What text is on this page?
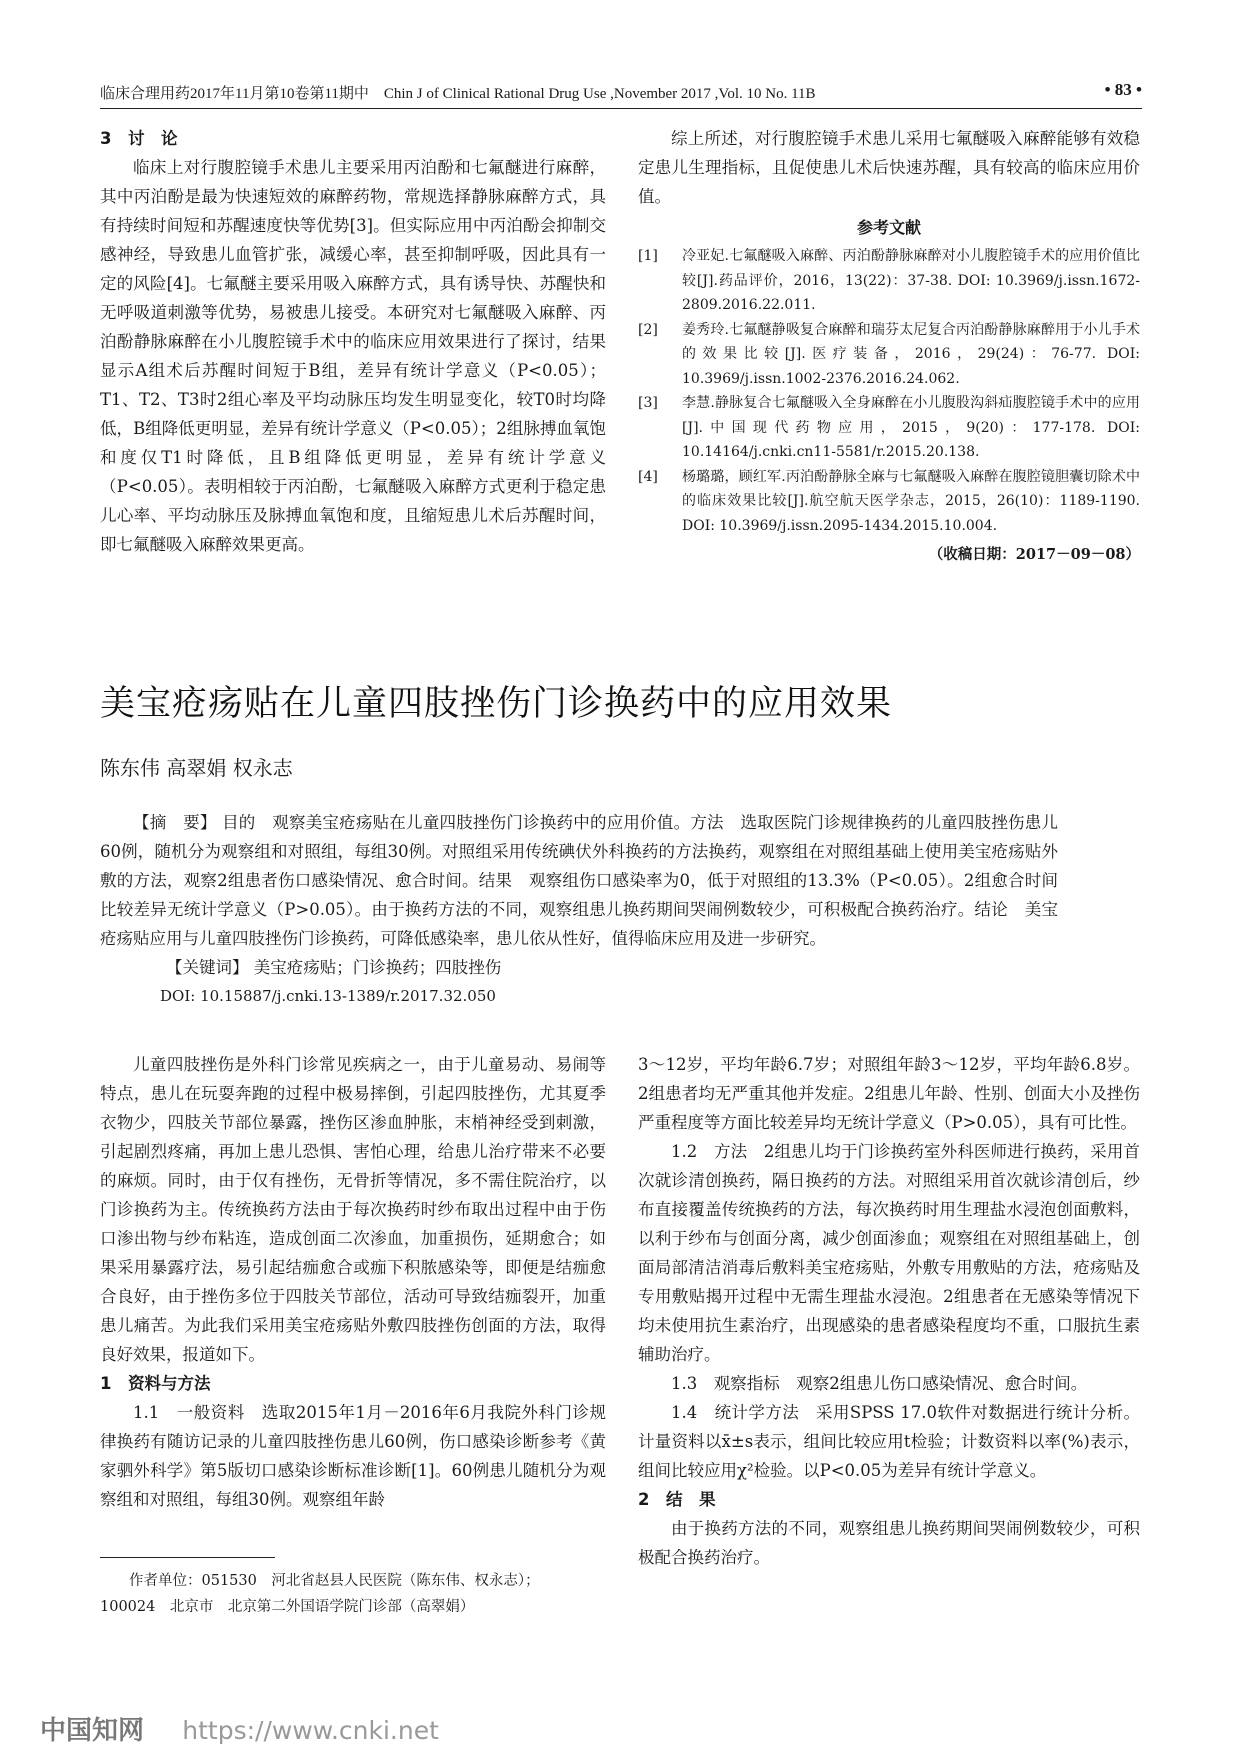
临床合理用药2017年11月第10卷第11期中　Chin J of Clinical Rational Drug Use ,November 2017 ,Vol. 10 No. 11B	• 83 •

3　讨　论

临床上对行腹腔镜手术患儿主要采用丙泊酚和七氟醚进行麻醉，其中丙泊酚是最为快速短效的麻醉药物，常规选择静脉麻醉方式，具有持续时间短和苏醒速度快等优势[3]。但实际应用中丙泊酚会抑制交感神经，导致患儿血管扩张，减缓心率，甚至抑制呼吸，因此具有一定的风险[4]。七氟醚主要采用吸入麻醉方式，具有诱导快、苏醒快和无呼吸道刺激等优势，易被患儿接受。本研究对七氟醚吸入麻醉、丙泊酚静脉麻醉在小儿腹腔镜手术中的临床应用效果进行了探讨，结果显示A组术后苏醒时间短于B组，差异有统计学意义（P<0.05）；T1、T2、T3时2组心率及平均动脉压均发生明显变化，较T0时均降低，B组降低更明显，差异有统计学意义（P<0.05）；2组脉搏血氧饱和度仅T1时降低，且B组降低更明显，差异有统计学意义（P<0.05）。表明相较于丙泊酚，七氟醚吸入麻醉方式更利于稳定患儿心率、平均动脉压及脉搏血氧饱和度，且缩短患儿术后苏醒时间，即七氟醚吸入麻醉效果更高。

综上所述，对行腹腔镜手术患儿采用七氟醚吸入麻醉能够有效稳定患儿生理指标，且促使患儿术后快速苏醒，具有较高的临床应用价值。

参考文献
[1]	冷亚妃.七氟醚吸入麻醉、丙泊酚静脉麻醉对小儿腹腔镜手术的应用价值比较[J].药品评价，2016，13(22)：37-38. DOI: 10.3969/j.issn.1672-2809.2016.22.011.
[2]	姜秀玲.七氟醚静吸复合麻醉和瑞芬太尼复合丙泊酚静脉麻醉用于小儿手术的效果比较[J].医疗装备，2016，29(24)：76-77. DOI: 10.3969/j.issn.1002-2376.2016.24.062.
[3]	李慧.静脉复合七氟醚吸入全身麻醉在小儿腹股沟斜疝腹腔镜手术中的应用[J].中国现代药物应用，2015，9(20)：177-178. DOI: 10.14164/j.cnki.cn11-5581/r.2015.20.138.
[4]	杨璐璐，顾红军.丙泊酚静脉全麻与七氟醚吸入麻醉在腹腔镜胆囊切除术中的临床效果比较[J].航空航天医学杂志，2015，26(10)：1189-1190. DOI: 10.3969/j.issn.2095-1434.2015.10.004.
（收稿日期：2017－09－08）
美宝疮疡贴在儿童四肢挫伤门诊换药中的应用效果
陈东伟 高翠娟 权永志

【摘　要】 目的　观察美宝疮疡贴在儿童四肢挫伤门诊换药中的应用价值。方法　选取医院门诊规律换药的儿童四肢挫伤患儿60例，随机分为观察组和对照组，每组30例。对照组采用传统碘伏外科换药的方法换药，观察组在对照组基础上使用美宝疮疡贴外敷的方法，观察2组患者伤口感染情况、愈合时间。结果　观察组伤口感染率为0，低于对照组的13.3%（P<0.05）。2组愈合时间比较差异无统计学意义（P>0.05）。由于换药方法的不同，观察组患儿换药期间哭闹例数较少，可积极配合换药治疗。结论　美宝疮疡贴应用与儿童四肢挫伤门诊换药，可降低感染率，患儿依从性好，值得临床应用及进一步研究。

【关键词】 美宝疮疡贴；门诊换药；四肢挫伤

DOI: 10.15887/j.cnki.13-1389/r.2017.32.050

儿童四肢挫伤是外科门诊常见疾病之一，由于儿童易动、易闹等特点，患儿在玩耍奔跑的过程中极易摔倒，引起四肢挫伤，尤其夏季衣物少，四肢关节部位暴露，挫伤区渗血肿胀，末梢神经受到刺激，引起剧烈疼痛，再加上患儿恐惧、害怕心理，给患儿治疗带来不必要的麻烦。同时，由于仅有挫伤，无骨折等情况，多不需住院治疗，以门诊换药为主。传统换药方法由于每次换药时纱布取出过程中由于伤口渗出物与纱布粘连，造成创面二次渗血，加重损伤，延期愈合；如果采用暴露疗法，易引起结痂愈合或痂下积脓感染等，即便是结痂愈合良好，由于挫伤多位于四肢关节部位，活动可导致结痂裂开，加重患儿痛苦。为此我们采用美宝疮疡贴外敷四肢挫伤创面的方法，取得良好效果，报道如下。

1　资料与方法

1.1　一般资料　选取2015年1月－2016年6月我院外科门诊规律换药有随访记录的儿童四肢挫伤患儿60例，伤口感染诊断参考《黄家驷外科学》第5版切口感染诊断标准诊断[1]。60例患儿随机分为观察组和对照组，每组30例。观察组年龄

3～12岁，平均年龄6.7岁；对照组年龄3～12岁，平均年龄6.8岁。2组患者均无严重其他并发症。2组患儿年龄、性别、创面大小及挫伤严重程度等方面比较差异均无统计学意义（P>0.05），具有可比性。

1.2　方法　2组患儿均于门诊换药室外科医师进行换药，采用首次就诊清创换药，隔日换药的方法。对照组采用首次就诊清创后，纱布直接覆盖传统换药的方法，每次换药时用生理盐水浸泡创面敷料，以利于纱布与创面分离，减少创面渗血；观察组在对照组基础上，创面局部清洁消毒后敷料美宝疮疡贴，外敷专用敷贴的方法，疮疡贴及专用敷贴揭开过程中无需生理盐水浸泡。2组患者在无感染等情况下均未使用抗生素治疗，出现感染的患者感染程度均不重，口服抗生素辅助治疗。

1.3　观察指标　观察2组患儿伤口感染情况、愈合时间。

1.4　统计学方法　采用SPSS 17.0软件对数据进行统计分析。计量资料以x̄±s表示，组间比较应用t检验；计数资料以率(%)表示，组间比较应用χ²检验。以P<0.05为差异有统计学意义。

2　结　果

由于换药方法的不同，观察组患儿换药期间哭闹例数较少，可积极配合换药治疗。

作者单位：051530　河北省赵县人民医院（陈东伟、权永志）；

100024　北京市　北京第二外国语学院门诊部（高翠娟）

中国知网 https://www.cnki.net
